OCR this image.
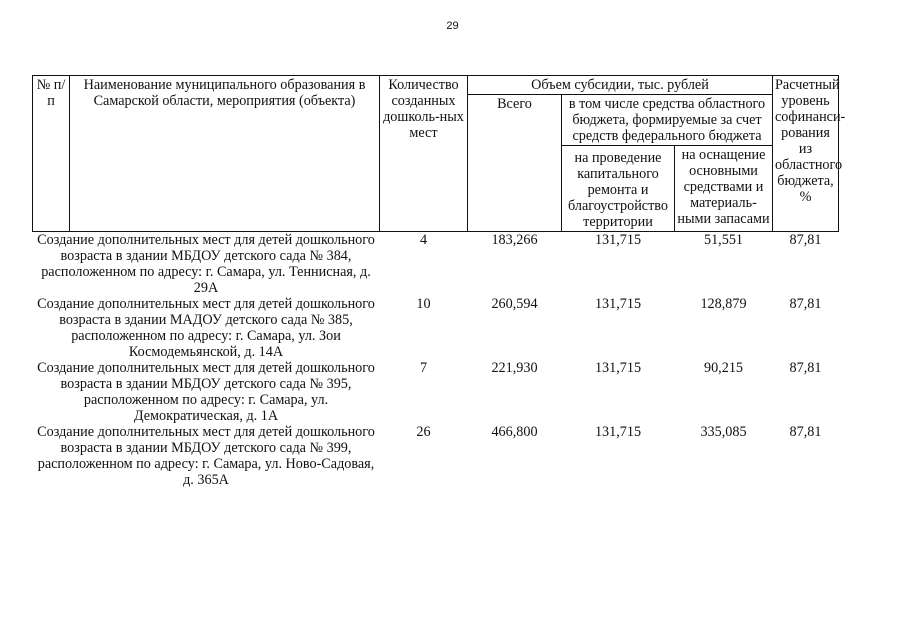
29
№ п/п	Наименование муниципального образования в Самарской области, мероприятия (объекта)	Количество созданных дошколь-ных мест	Объем субсидии, тыс. рублей			Расчетный уровень софинанси-рования из областного бюджета, %
			Всего	в том числе средства областного бюджета, формируемые за счет средств федерального бюджета		
				на проведение капитального ремонта и благоустройство территории	на оснащение основными средствами и материаль-ными запасами	
Создание дополнительных мест для детей дошкольного возраста в здании МБДОУ детского сада № 384, расположенном по адресу: г. Самара, ул. Теннисная, д. 29А		4	183,266	131,715	51,551	87,81
Создание дополнительных мест для детей дошкольного возраста в здании МАДОУ детского сада № 385, расположенном по адресу: г. Самара, ул. Зои Космодемьянской, д. 14А		10	260,594	131,715	128,879	87,81
Создание дополнительных мест для детей дошкольного возраста в здании МБДОУ детского сада № 395, расположенном по адресу: г. Самара, ул. Демократическая, д. 1А		7	221,930	131,715	90,215	87,81
Создание дополнительных мест для детей дошкольного возраста в здании МБДОУ детского сада № 399, расположенном по адресу: г. Самара, ул. Ново-Садовая, д. 365А		26	466,800	131,715	335,085	87,81
